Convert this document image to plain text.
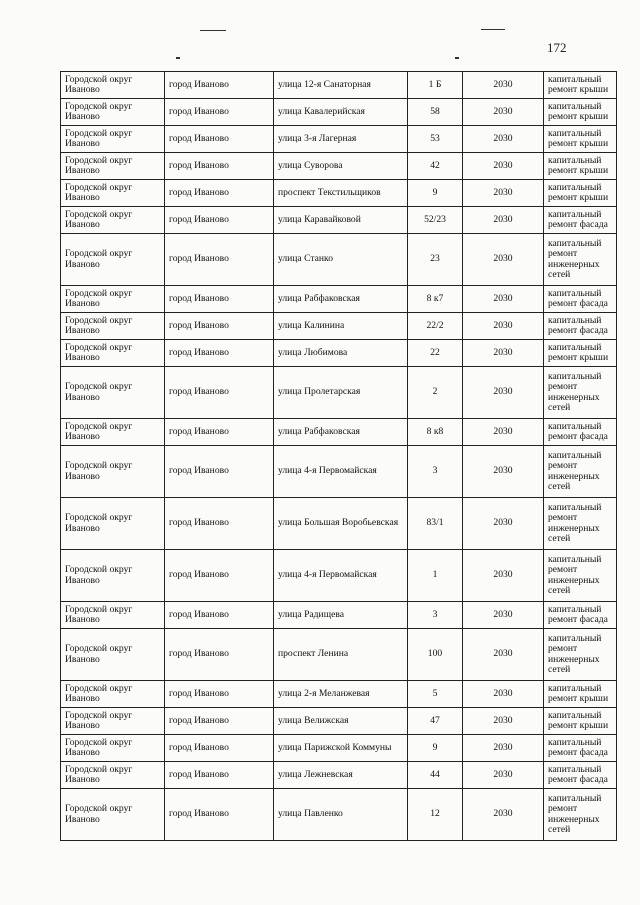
172
Городской округ Иваново	город Иваново	улица 12-я Санаторная	1 Б	2030	капитальный ремонт крыши
Городской округ Иваново	город Иваново	улица Кавалерийская	58	2030	капитальный ремонт крыши
Городской округ Иваново	город Иваново	улица 3-я Лагерная	53	2030	капитальный ремонт крыши
Городской округ Иваново	город Иваново	улица Суворова	42	2030	капитальный ремонт крыши
Городской округ Иваново	город Иваново	проспект Текстильщиков	9	2030	капитальный ремонт крыши
Городской округ Иваново	город Иваново	улица Каравайковой	52/23	2030	капитальный ремонт фасада
Городской округ Иваново	город Иваново	улица Станко	23	2030	капитальный ремонт инженерных сетей
Городской округ Иваново	город Иваново	улица Рабфаковская	8 к7	2030	капитальный ремонт фасада
Городской округ Иваново	город Иваново	улица Калинина	22/2	2030	капитальный ремонт фасада
Городской округ Иваново	город Иваново	улица Любимова	22	2030	капитальный ремонт крыши
Городской округ Иваново	город Иваново	улица Пролетарская	2	2030	капитальный ремонт инженерных сетей
Городской округ Иваново	город Иваново	улица Рабфаковская	8 к8	2030	капитальный ремонт фасада
Городской округ Иваново	город Иваново	улица 4-я Первомайская	3	2030	капитальный ремонт инженерных сетей
Городской округ Иваново	город Иваново	улица Большая Воробьевская	83/1	2030	капитальный ремонт инженерных сетей
Городской округ Иваново	город Иваново	улица 4-я Первомайская	1	2030	капитальный ремонт инженерных сетей
Городской округ Иваново	город Иваново	улица Радищева	3	2030	капитальный ремонт фасада
Городской округ Иваново	город Иваново	проспект Ленина	100	2030	капитальный ремонт инженерных сетей
Городской округ Иваново	город Иваново	улица 2-я Меланжевая	5	2030	капитальный ремонт крыши
Городской округ Иваново	город Иваново	улица Велижская	47	2030	капитальный ремонт крыши
Городской округ Иваново	город Иваново	улица Парижской Коммуны	9	2030	капитальный ремонт фасада
Городской округ Иваново	город Иваново	улица Лежневская	44	2030	капитальный ремонт фасада
Городской округ Иваново	город Иваново	улица Павленко	12	2030	капитальный ремонт инженерных сетей
